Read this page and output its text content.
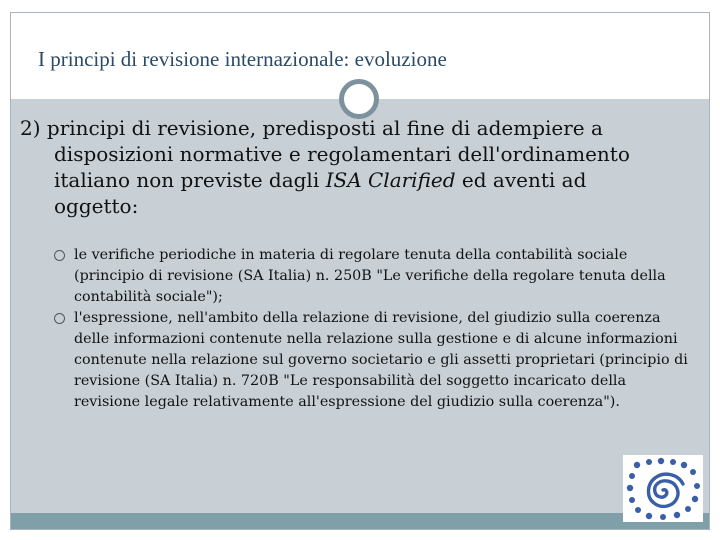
I principi di revisione internazionale: evoluzione
2) principi di revisione, predisposti al fine di adempiere a disposizioni normative e regolamentari dell'ordinamento italiano non previste dagli ISA Clarified ed aventi ad oggetto:
le verifiche periodiche in materia di regolare tenuta della contabilità sociale (principio di revisione (SA Italia) n. 250B "Le verifiche della regolare tenuta della contabilità sociale");
l'espressione, nell'ambito della relazione di revisione, del giudizio sulla coerenza delle informazioni contenute nella relazione sulla gestione e di alcune informazioni contenute nella relazione sul governo societario e gli assetti proprietari (principio di revisione (SA Italia) n. 720B "Le responsabilità del soggetto incaricato della revisione legale relativamente all'espressione del giudizio sulla coerenza").
